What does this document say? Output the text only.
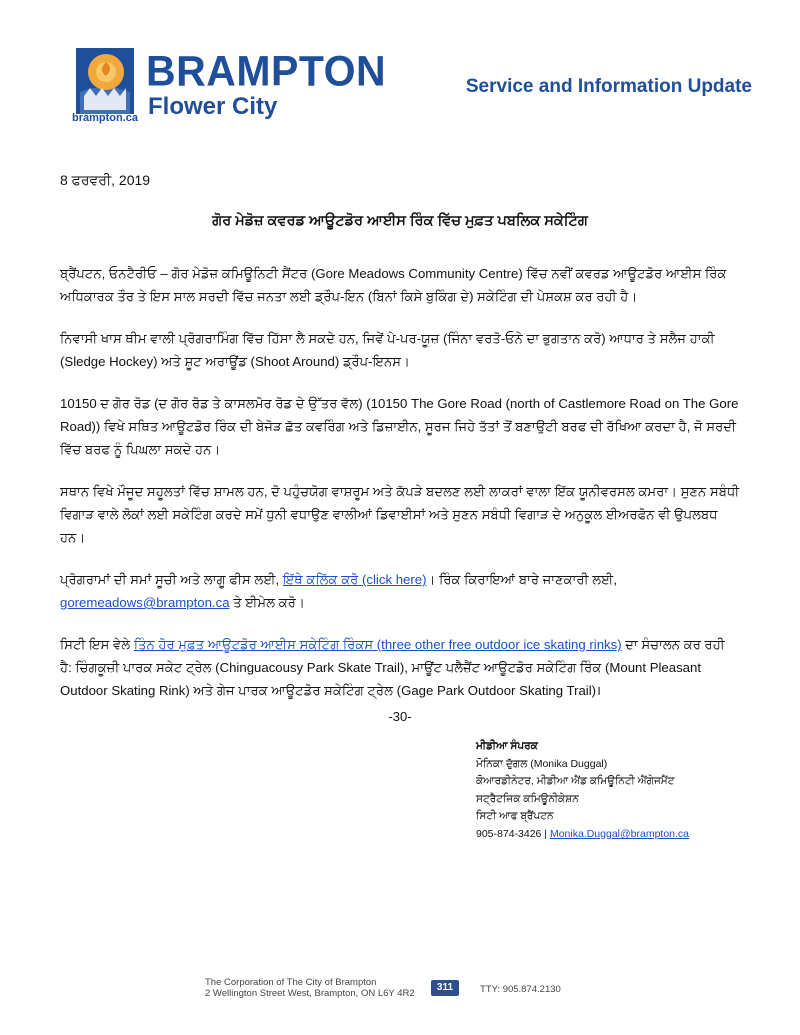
BRAMPTON
Flower City
brampton.ca
Service and Information Update
8 ਫਰਵਰੀ, 2019
ਗੋਰ ਮੇਡੋਜ਼ ਕਵਰਡ ਆਊਟਡੋਰ ਆਈਸ ਰਿੰਕ ਵਿੱਚ ਮੁਫ਼ਤ ਪਬਲਿਕ ਸਕੇਟਿੰਗ

ਬ੍ਰੈਂਪਟਨ, ਓਨਟੈਰੀਓ – ਗੋਰ ਮੇਡੋਜ਼ ਕਮਿਊਨਿਟੀ ਸੈਂਟਰ (Gore Meadows Community Centre) ਵਿੱਚ ਨਵੀਂ ਕਵਰਡ ਆਊਟਡੋਰ ਆਈਸ ਰਿੰਕ ਅਧਿਕਾਰਕ ਤੌਰ ਤੇ ਇਸ ਸਾਲ ਸਰਦੀ ਵਿੱਚ ਜਨਤਾ ਲਈ ਡ੍ਰੌਪ-ਇਨ (ਬਿਨਾਂ ਕਿਸੇ ਬੁਕਿੰਗ ਦੇ) ਸਕੇਟਿੰਗ ਦੀ ਪੇਸ਼ਕਸ਼ ਕਰ ਰਹੀ ਹੈ।

ਨਿਵਾਸੀ ਖਾਸ ਥੀਮ ਵਾਲੀ ਪ੍ਰੋਗਰਾਮਿੰਗ ਵਿੱਚ ਹਿੱਸਾ ਲੈ ਸਕਦੇ ਹਨ, ਜਿਵੇਂ ਪੇ-ਪਰ-ਯੂਜ਼ (ਜਿੰਨਾ ਵਰਤੋ-ਓਨੇ ਦਾ ਭੁਗਤਾਨ ਕਰੋ) ਆਧਾਰ ਤੇ ਸਲੈਜ ਹਾਕੀ (Sledge Hockey) ਅਤੇ ਸ਼ੂਟ ਅਰਾਊਂਡ (Shoot Around) ਡ੍ਰੌਪ-ਇਨਸ।

10150 ਦ ਗੋਰ ਰੋਡ (ਦ ਗੋਰ ਰੋਡ ਤੇ ਕਾਸਲਮੋਰ ਰੋਡ ਦੇ ਉੱਤਰ ਵੱਲ) (10150 The Gore Road (north of Castlemore Road on The Gore Road)) ਵਿਖੇ ਸਥਿਤ ਆਊਟਡੋਰ ਰਿੰਕ ਦੀ ਬੇਜੋੜ ਛੱਤ ਕਵਰਿੰਗ ਅਤੇ ਡਿਜ਼ਾਈਨ, ਸੂਰਜ ਜਿਹੇ ਤੱਤਾਂ ਤੋਂ ਬਣਾਉਟੀ ਬਰਫ ਦੀ ਰੱਖਿਆ ਕਰਦਾ ਹੈ, ਜੋ ਸਰਦੀ ਵਿੱਚ ਬਰਫ ਨੂੰ ਪਿਘਲਾ ਸਕਦੇ ਹਨ।

ਸਥਾਨ ਵਿਖੇ ਮੌਜੂਦ ਸਹੂਲਤਾਂ ਵਿੱਚ ਸ਼ਾਮਲ ਹਨ, ਦੋ ਪਹੁੰਚਯੋਗ ਵਾਸ਼ਰੂਮ ਅਤੇ ਕੱਪੜੇ ਬਦਲਣ ਲਈ ਲਾਕਰਾਂ ਵਾਲਾ ਇੱਕ ਯੂਨੀਵਰਸਲ ਕਮਰਾ। ਸੁਣਨ ਸਬੰਧੀ ਵਿਗਾੜ ਵਾਲੇ ਲੋਕਾਂ ਲਈ ਸਕੇਟਿੰਗ ਕਰਦੇ ਸਮੇਂ ਧੁਨੀ ਵਧਾਉਣ ਵਾਲੀਆਂ ਡਿਵਾਈਸਾਂ ਅਤੇ ਸੁਣਨ ਸਬੰਧੀ ਵਿਗਾੜ ਦੇ ਅਨੁਕੂਲ ਈਅਰਫੋਨ ਵੀ ਉਪਲਬਧ ਹਨ।

ਪ੍ਰੋਗਰਾਮਾਂ ਦੀ ਸਮਾਂ ਸੂਚੀ ਅਤੇ ਲਾਗੂ ਫੀਸ ਲਈ, ਇੱਥੇ ਕਲਿੱਕ ਕਰੋ (click here)। ਰਿੰਕ ਕਿਰਾਇਆਂ ਬਾਰੇ ਜਾਣਕਾਰੀ ਲਈ, goremeadows@brampton.ca ਤੇ ਈਮੇਲ ਕਰੋ।

ਸਿਟੀ ਇਸ ਵੇਲੇ ਤਿੰਨ ਹੋਰ ਮੁਫ਼ਤ ਆਊਟਡੋਰ ਆਈਸ ਸਕੇਟਿੰਗ ਰਿੰਕਸ (three other free outdoor ice skating rinks) ਦਾ ਸੰਚਾਲਨ ਕਰ ਰਹੀ ਹੈ: ਚਿੰਗਕੂਜ਼ੀ ਪਾਰਕ ਸਕੇਟ ਟ੍ਰੇਲ (Chinguacousy Park Skate Trail), ਮਾਊਂਟ ਪਲੈਜ਼ੈਂਟ ਆਊਟਡੋਰ ਸਕੇਟਿੰਗ ਰਿੰਕ (Mount Pleasant Outdoor Skating Rink) ਅਤੇ ਗੇਜ ਪਾਰਕ ਆਊਟਡੋਰ ਸਕੇਟਿੰਗ ਟ੍ਰੇਲ (Gage Park Outdoor Skating Trail)।

-30-
ਮੀਡੀਆ ਸੰਪਰਕ
ਮੋਨਿਕਾ ਦੁੱਗਲ (Monika Duggal)
ਕੋਆਰਡੀਨੇਟਰ, ਮੀਡੀਆ ਐਂਡ ਕਮਿਊਨਿਟੀ ਐਂਗੇਜਮੈਂਟ
ਸਟ੍ਰੈਟਜਿਕ ਕਮਿਊਨੀਕੇਸ਼ਨ
ਸਿਟੀ ਆਫ ਬ੍ਰੈਂਪਟਨ
905-874-3426 | Monika.Duggal@brampton.ca
The Corporation of The City of Brampton
2 Wellington Street West, Brampton, ON L6Y 4R2
311	TTY: 905.874.2130
